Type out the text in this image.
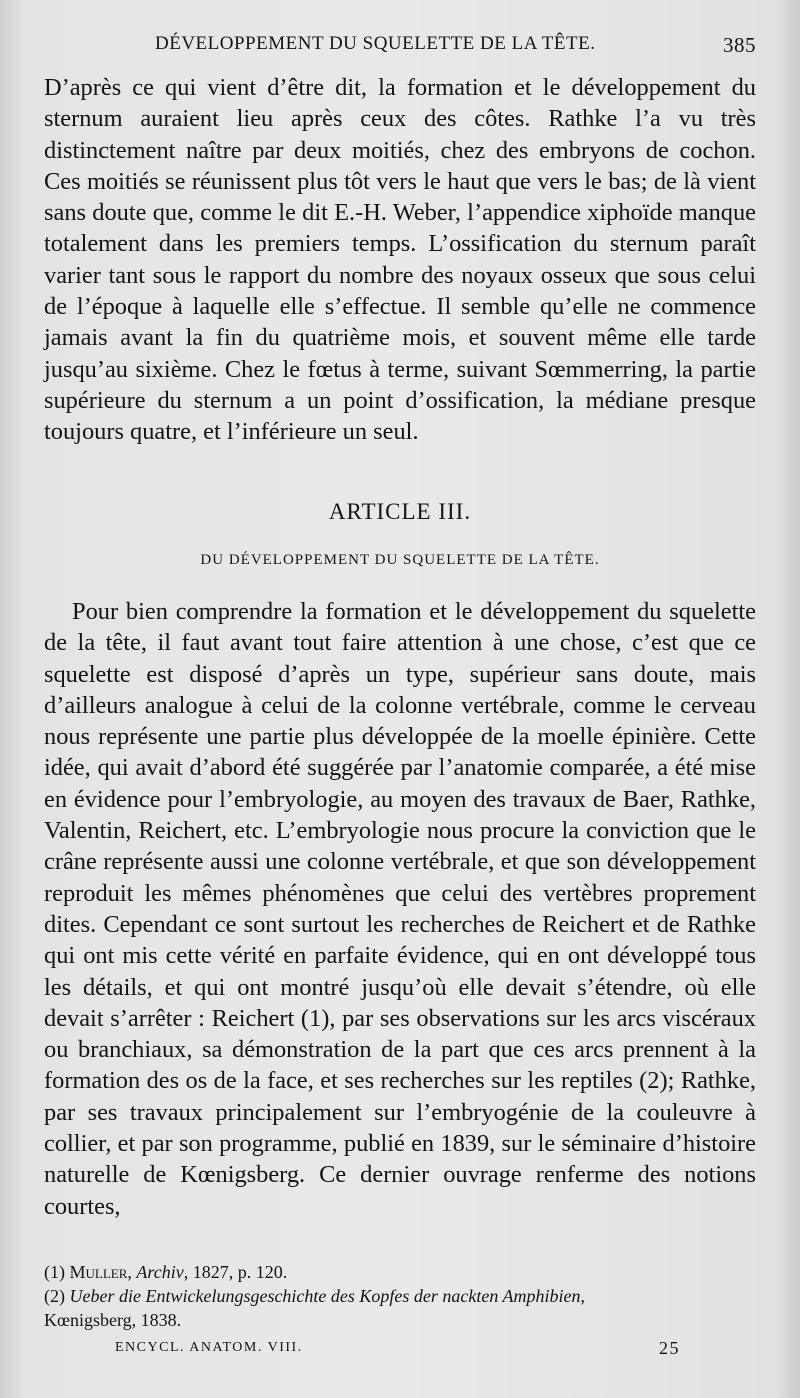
DÉVELOPPEMENT DU SQUELETTE DE LA TÊTE.	385

D’après ce qui vient d’être dit, la formation et le développement du sternum auraient lieu après ceux des côtes. Rathke l’a vu très distinctement naître par deux moitiés, chez des embryons de cochon. Ces moitiés se réunissent plus tôt vers le haut que vers le bas; de là vient sans doute que, comme le dit E.-H. Weber, l’appendice xiphoïde manque totalement dans les premiers temps. L’ossification du sternum paraît varier tant sous le rapport du nombre des noyaux osseux que sous celui de l’époque à laquelle elle s’effectue. Il semble qu’elle ne commence jamais avant la fin du quatrième mois, et souvent même elle tarde jusqu’au sixième. Chez le fœtus à terme, suivant Sœmmerring, la partie supérieure du sternum a un point d’ossification, la médiane presque toujours quatre, et l’inférieure un seul.

ARTICLE III.
DU DÉVELOPPEMENT DU SQUELETTE DE LA TÊTE.

Pour bien comprendre la formation et le développement du squelette de la tête, il faut avant tout faire attention à une chose, c’est que ce squelette est disposé d’après un type, supérieur sans doute, mais d’ailleurs analogue à celui de la colonne vertébrale, comme le cerveau nous représente une partie plus développée de la moelle épinière. Cette idée, qui avait d’abord été suggérée par l’anatomie comparée, a été mise en évidence pour l’embryologie, au moyen des travaux de Baer, Rathke, Valentin, Reichert, etc. L’embryologie nous procure la conviction que le crâne représente aussi une colonne vertébrale, et que son développement reproduit les mêmes phénomènes que celui des vertèbres proprement dites. Cependant ce sont surtout les recherches de Reichert et de Rathke qui ont mis cette vérité en parfaite évidence, qui en ont développé tous les détails, et qui ont montré jusqu’où elle devait s’étendre, où elle devait s’arrêter : Reichert (1), par ses observations sur les arcs viscéraux ou branchiaux, sa démonstration de la part que ces arcs prennent à la formation des os de la face, et ses recherches sur les reptiles (2); Rathke, par ses travaux principalement sur l’embryogénie de la couleuvre à collier, et par son programme, publié en 1839, sur le séminaire d’histoire naturelle de Kœnigsberg. Ce dernier ouvrage renferme des notions courtes,

(1) Muller, Archiv, 1827, p. 120.

(2) Ueber die Entwickelungsgeschichte des Kopfes der nackten Amphibien,

Kœnigsberg, 1838.

ENCYCL. ANATOM. VIII.	25
